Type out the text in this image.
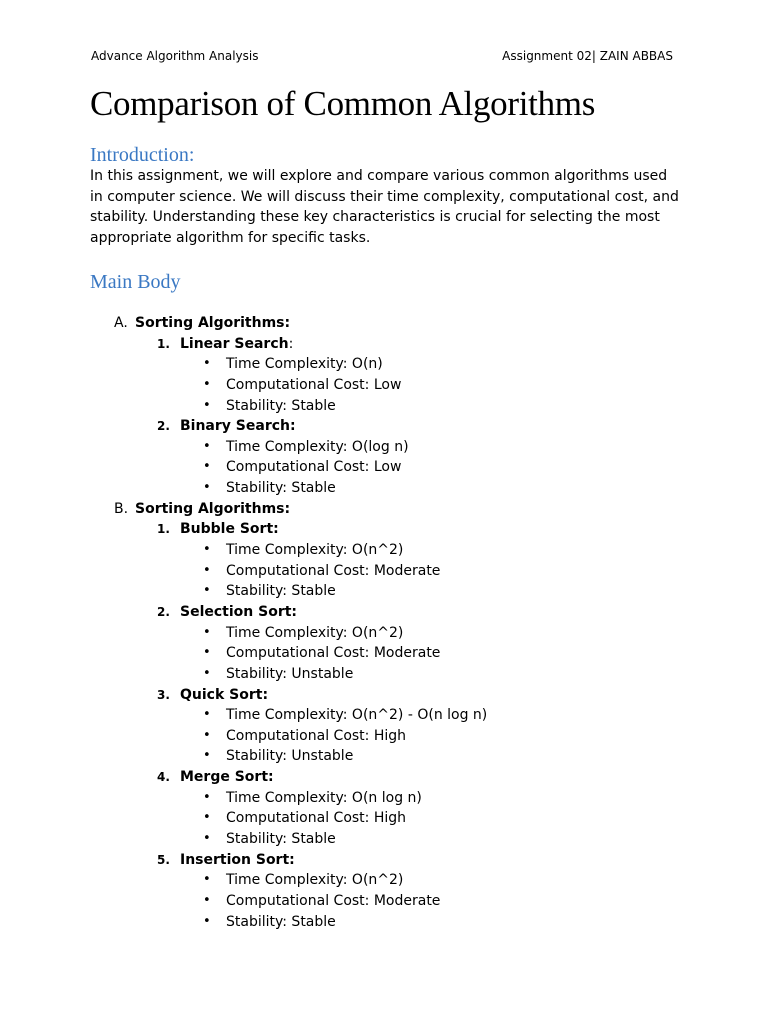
Advance Algorithm Analysis	Assignment 02| ZAIN ABBAS
Comparison of Common Algorithms
Introduction:

In this assignment, we will explore and compare various common algorithms used in computer science. We will discuss their time complexity, computational cost, and stability. Understanding these key characteristics is crucial for selecting the most appropriate algorithm for specific tasks.

Main Body
A. Sorting Algorithms:
1. Linear Search:
• Time Complexity: O(n)
• Computational Cost: Low
• Stability: Stable
2. Binary Search:
• Time Complexity: O(log n)
• Computational Cost: Low
• Stability: Stable
B. Sorting Algorithms:
1. Bubble Sort:
• Time Complexity: O(n^2)
• Computational Cost: Moderate
• Stability: Stable
2. Selection Sort:
• Time Complexity: O(n^2)
• Computational Cost: Moderate
• Stability: Unstable
3. Quick Sort:
• Time Complexity: O(n^2) - O(n log n)
• Computational Cost: High
• Stability: Unstable
4. Merge Sort:
• Time Complexity: O(n log n)
• Computational Cost: High
• Stability: Stable
5. Insertion Sort:
• Time Complexity: O(n^2)
• Computational Cost: Moderate
• Stability: Stable
